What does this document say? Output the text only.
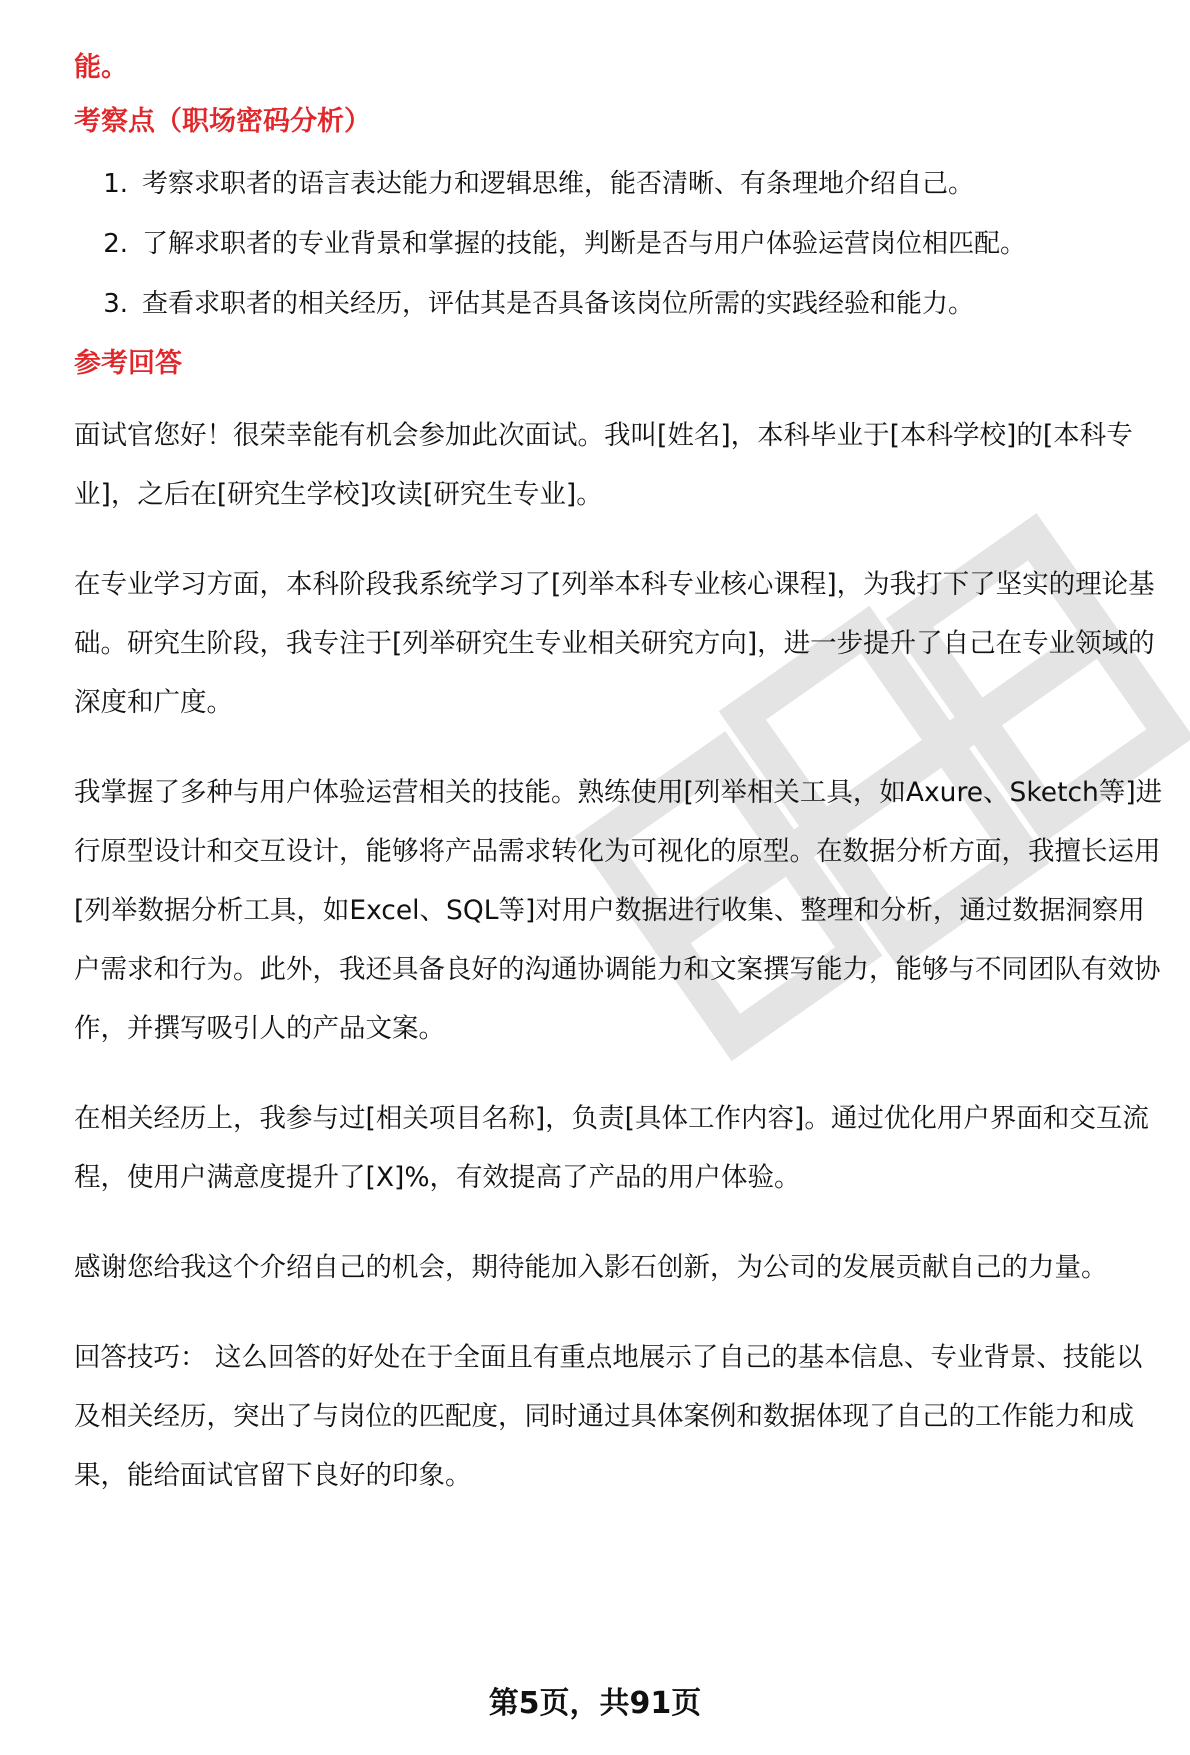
能。

考察点（职场密码分析）

1. 考察求职者的语言表达能力和逻辑思维，能否清晰、有条理地介绍自己。
2. 了解求职者的专业背景和掌握的技能，判断是否与用户体验运营岗位相匹配。
3. 查看求职者的相关经历，评估其是否具备该岗位所需的实践经验和能力。

参考回答

面试官您好！很荣幸能有机会参加此次面试。我叫[姓名]，本科毕业于[本科学校]的[本科专业]，之后在[研究生学校]攻读[研究生专业]。

在专业学习方面，本科阶段我系统学习了[列举本科专业核心课程]，为我打下了坚实的理论基础。研究生阶段，我专注于[列举研究生专业相关研究方向]，进一步提升了自己在专业领域的深度和广度。

我掌握了多种与用户体验运营相关的技能。熟练使用[列举相关工具，如Axure、Sketch等]进行原型设计和交互设计，能够将产品需求转化为可视化的原型。在数据分析方面，我擅长运用[列举数据分析工具，如Excel、SQL等]对用户数据进行收集、整理和分析，通过数据洞察用户需求和行为。此外，我还具备良好的沟通协调能力和文案撰写能力，能够与不同团队有效协作，并撰写吸引人的产品文案。

在相关经历上，我参与过[相关项目名称]，负责[具体工作内容]。通过优化用户界面和交互流程，使用户满意度提升了[X]%，有效提高了产品的用户体验。

感谢您给我这个介绍自己的机会，期待能加入影石创新，为公司的发展贡献自己的力量。

回答技巧： 这么回答的好处在于全面且有重点地展示了自己的基本信息、专业背景、技能以及相关经历，突出了与岗位的匹配度，同时通过具体案例和数据体现了自己的工作能力和成果，能给面试官留下良好的印象。

第5页，共91页
